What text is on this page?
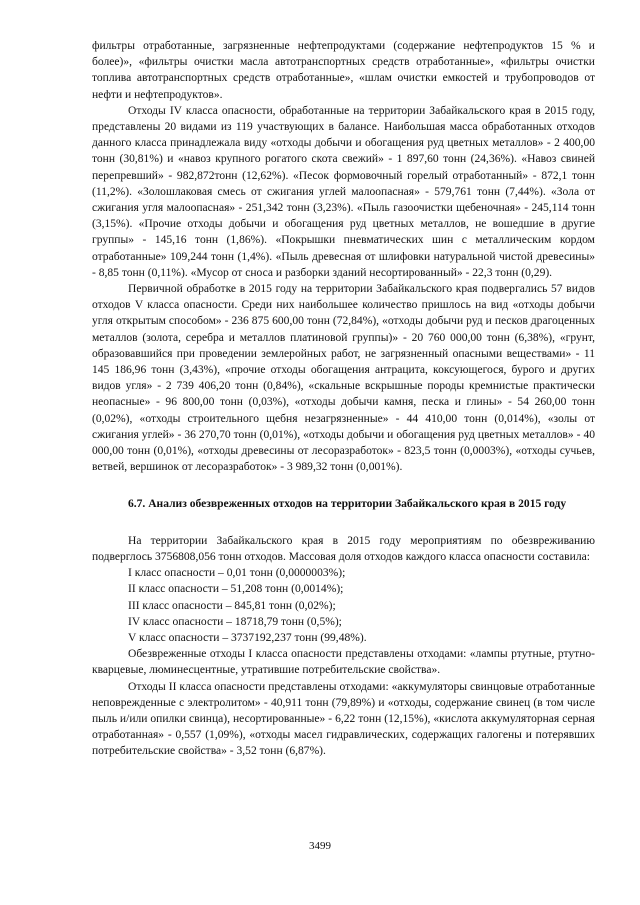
фильтры отработанные, загрязненные нефтепродуктами (содержание нефтепродуктов 15 % и более)», «фильтры очистки масла автотранспортных средств отработанные», «фильтры очистки топлива автотранспортных средств отработанные», «шлам очистки емкостей и трубопроводов от нефти и нефтепродуктов».

Отходы IV класса опасности, обработанные на территории Забайкальского края в 2015 году, представлены 20 видами из 119 участвующих в балансе. Наибольшая масса обработанных отходов данного класса принадлежала виду «отходы добычи и обогащения руд цветных металлов» - 2 400,00 тонн (30,81%) и «навоз крупного рогатого скота свежий» - 1 897,60 тонн (24,36%). «Навоз свиней перепревший» - 982,872тонн (12,62%). «Песок формовочный горелый отработанный» - 872,1 тонн (11,2%). «Золошлаковая смесь от сжигания углей малоопасная» - 579,761 тонн (7,44%). «Зола от сжигания угля малоопасная» - 251,342 тонн (3,23%). «Пыль газоочистки щебеночная» - 245,114 тонн (3,15%). «Прочие отходы добычи и обогащения руд цветных металлов, не вошедшие в другие группы» - 145,16 тонн (1,86%). «Покрышки пневматических шин с металлическим кордом отработанные» 109,244 тонн (1,4%). «Пыль древесная от шлифовки натуральной чистой древесины» - 8,85 тонн (0,11%). «Мусор от сноса и разборки зданий несортированный» - 22,3 тонн (0,29).

Первичной обработке в 2015 году на территории Забайкальского края подвергались 57 видов отходов V класса опасности. Среди них наибольшее количество пришлось на вид «отходы добычи угля открытым способом» - 236 875 600,00 тонн (72,84%), «отходы добычи руд и песков драгоценных металлов (золота, серебра и металлов платиновой группы)» - 20 760 000,00 тонн (6,38%), «грунт, образовавшийся при проведении землеройных работ, не загрязненный опасными веществами» - 11 145 186,96 тонн (3,43%), «прочие отходы обогащения антрацита, коксующегося, бурого и других видов угля» - 2 739 406,20 тонн (0,84%), «скальные вскрышные породы кремнистые практически неопасные» - 96 800,00 тонн (0,03%), «отходы добычи камня, песка и глины» - 54 260,00 тонн (0,02%), «отходы строительного щебня незагрязненные» - 44 410,00 тонн (0,014%), «золы от сжигания углей» - 36 270,70 тонн (0,01%), «отходы добычи и обогащения руд цветных металлов» - 40 000,00 тонн (0,01%), «отходы древесины от лесоразработок» - 823,5 тонн (0,0003%), «отходы сучьев, ветвей, вершинок от лесоразработок» - 3 989,32 тонн (0,001%).

6.7. Анализ обезвреженных отходов на территории Забайкальского края в 2015 году

На территории Забайкальского края в 2015 году мероприятиям по обезвреживанию подверглось 3756808,056 тонн отходов. Массовая доля отходов каждого класса опасности составила:

I класс опасности – 0,01 тонн (0,0000003%);
II класс опасности – 51,208 тонн (0,0014%);
III класс опасности – 845,81 тонн (0,02%);
IV класс опасности – 18718,79 тонн (0,5%);
V класс опасности – 3737192,237 тонн (99,48%).

Обезвреженные отходы I класса опасности представлены отходами: «лампы ртутные, ртутно-кварцевые, люминесцентные, утратившие потребительские свойства».

Отходы II класса опасности представлены отходами: «аккумуляторы свинцовые отработанные неповрежденные с электролитом» - 40,911 тонн (79,89%) и «отходы, содержание свинец (в том числе пыль и/или опилки свинца), несортированные» - 6,22 тонн (12,15%), «кислота аккумуляторная серная отработанная» - 0,557 (1,09%), «отходы масел гидравлических, содержащих галогены и потерявших потребительские свойства» - 3,52 тонн (6,87%).

3499
